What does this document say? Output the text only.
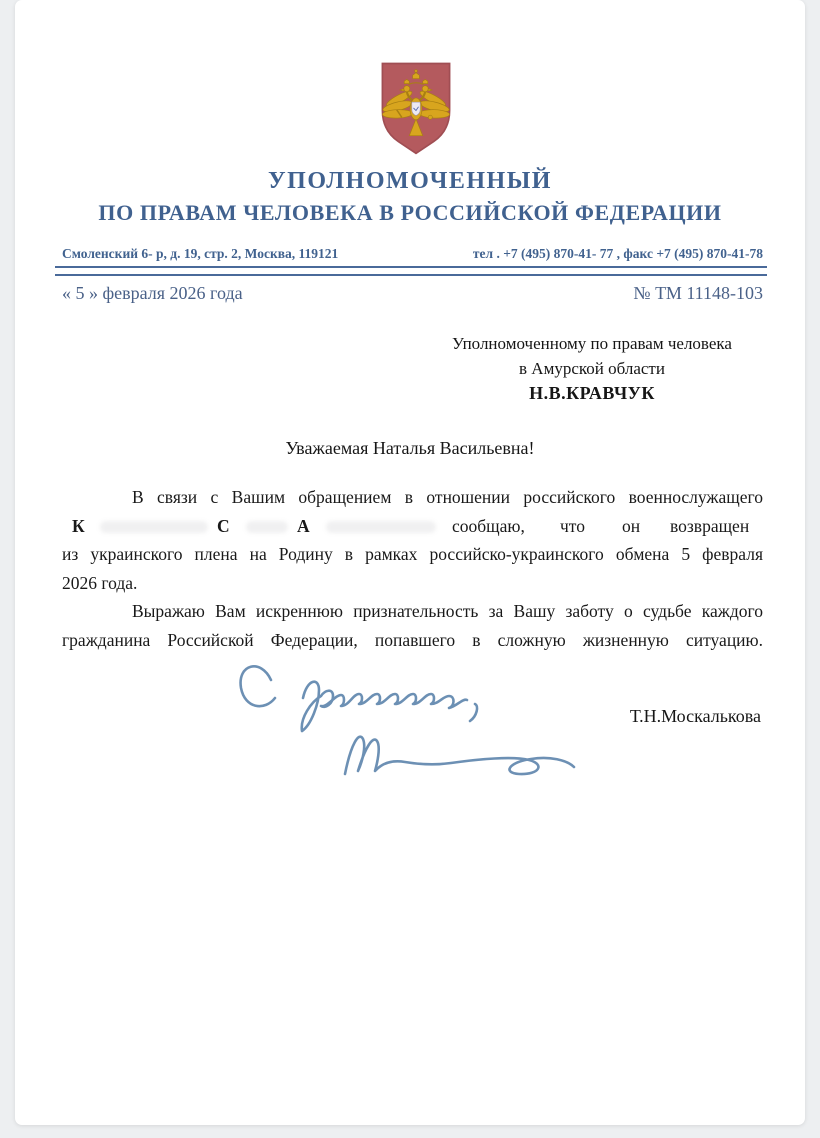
УПОЛНОМОЧЕННЫЙ
ПО ПРАВАМ ЧЕЛОВЕКА В РОССИЙСКОЙ ФЕДЕРАЦИИ
Смоленский 6- р, д. 19, стр. 2, Москва, 119121	тел . +7 (495) 870-41- 77 , факс +7 (495) 870-41-78
« 5 » февраля 2026 года	№ ТМ 11148-103
Уполномоченному по правам человека
в Амурской области
Н.В.КРАВЧУК
Уважаемая Наталья Васильевна!
В связи с Вашим обращением в отношении российского военнослужащего
К	С	А	сообщаю, что он возвращен
из украинского плена на Родину в рамках российско-украинского обмена 5 февраля
2026 года.
Выражаю Вам искреннюю признательность за Вашу заботу о судьбе каждого
гражданина Российской Федерации, попавшего в сложную жизненную ситуацию.
Т.Н.Москалькова
